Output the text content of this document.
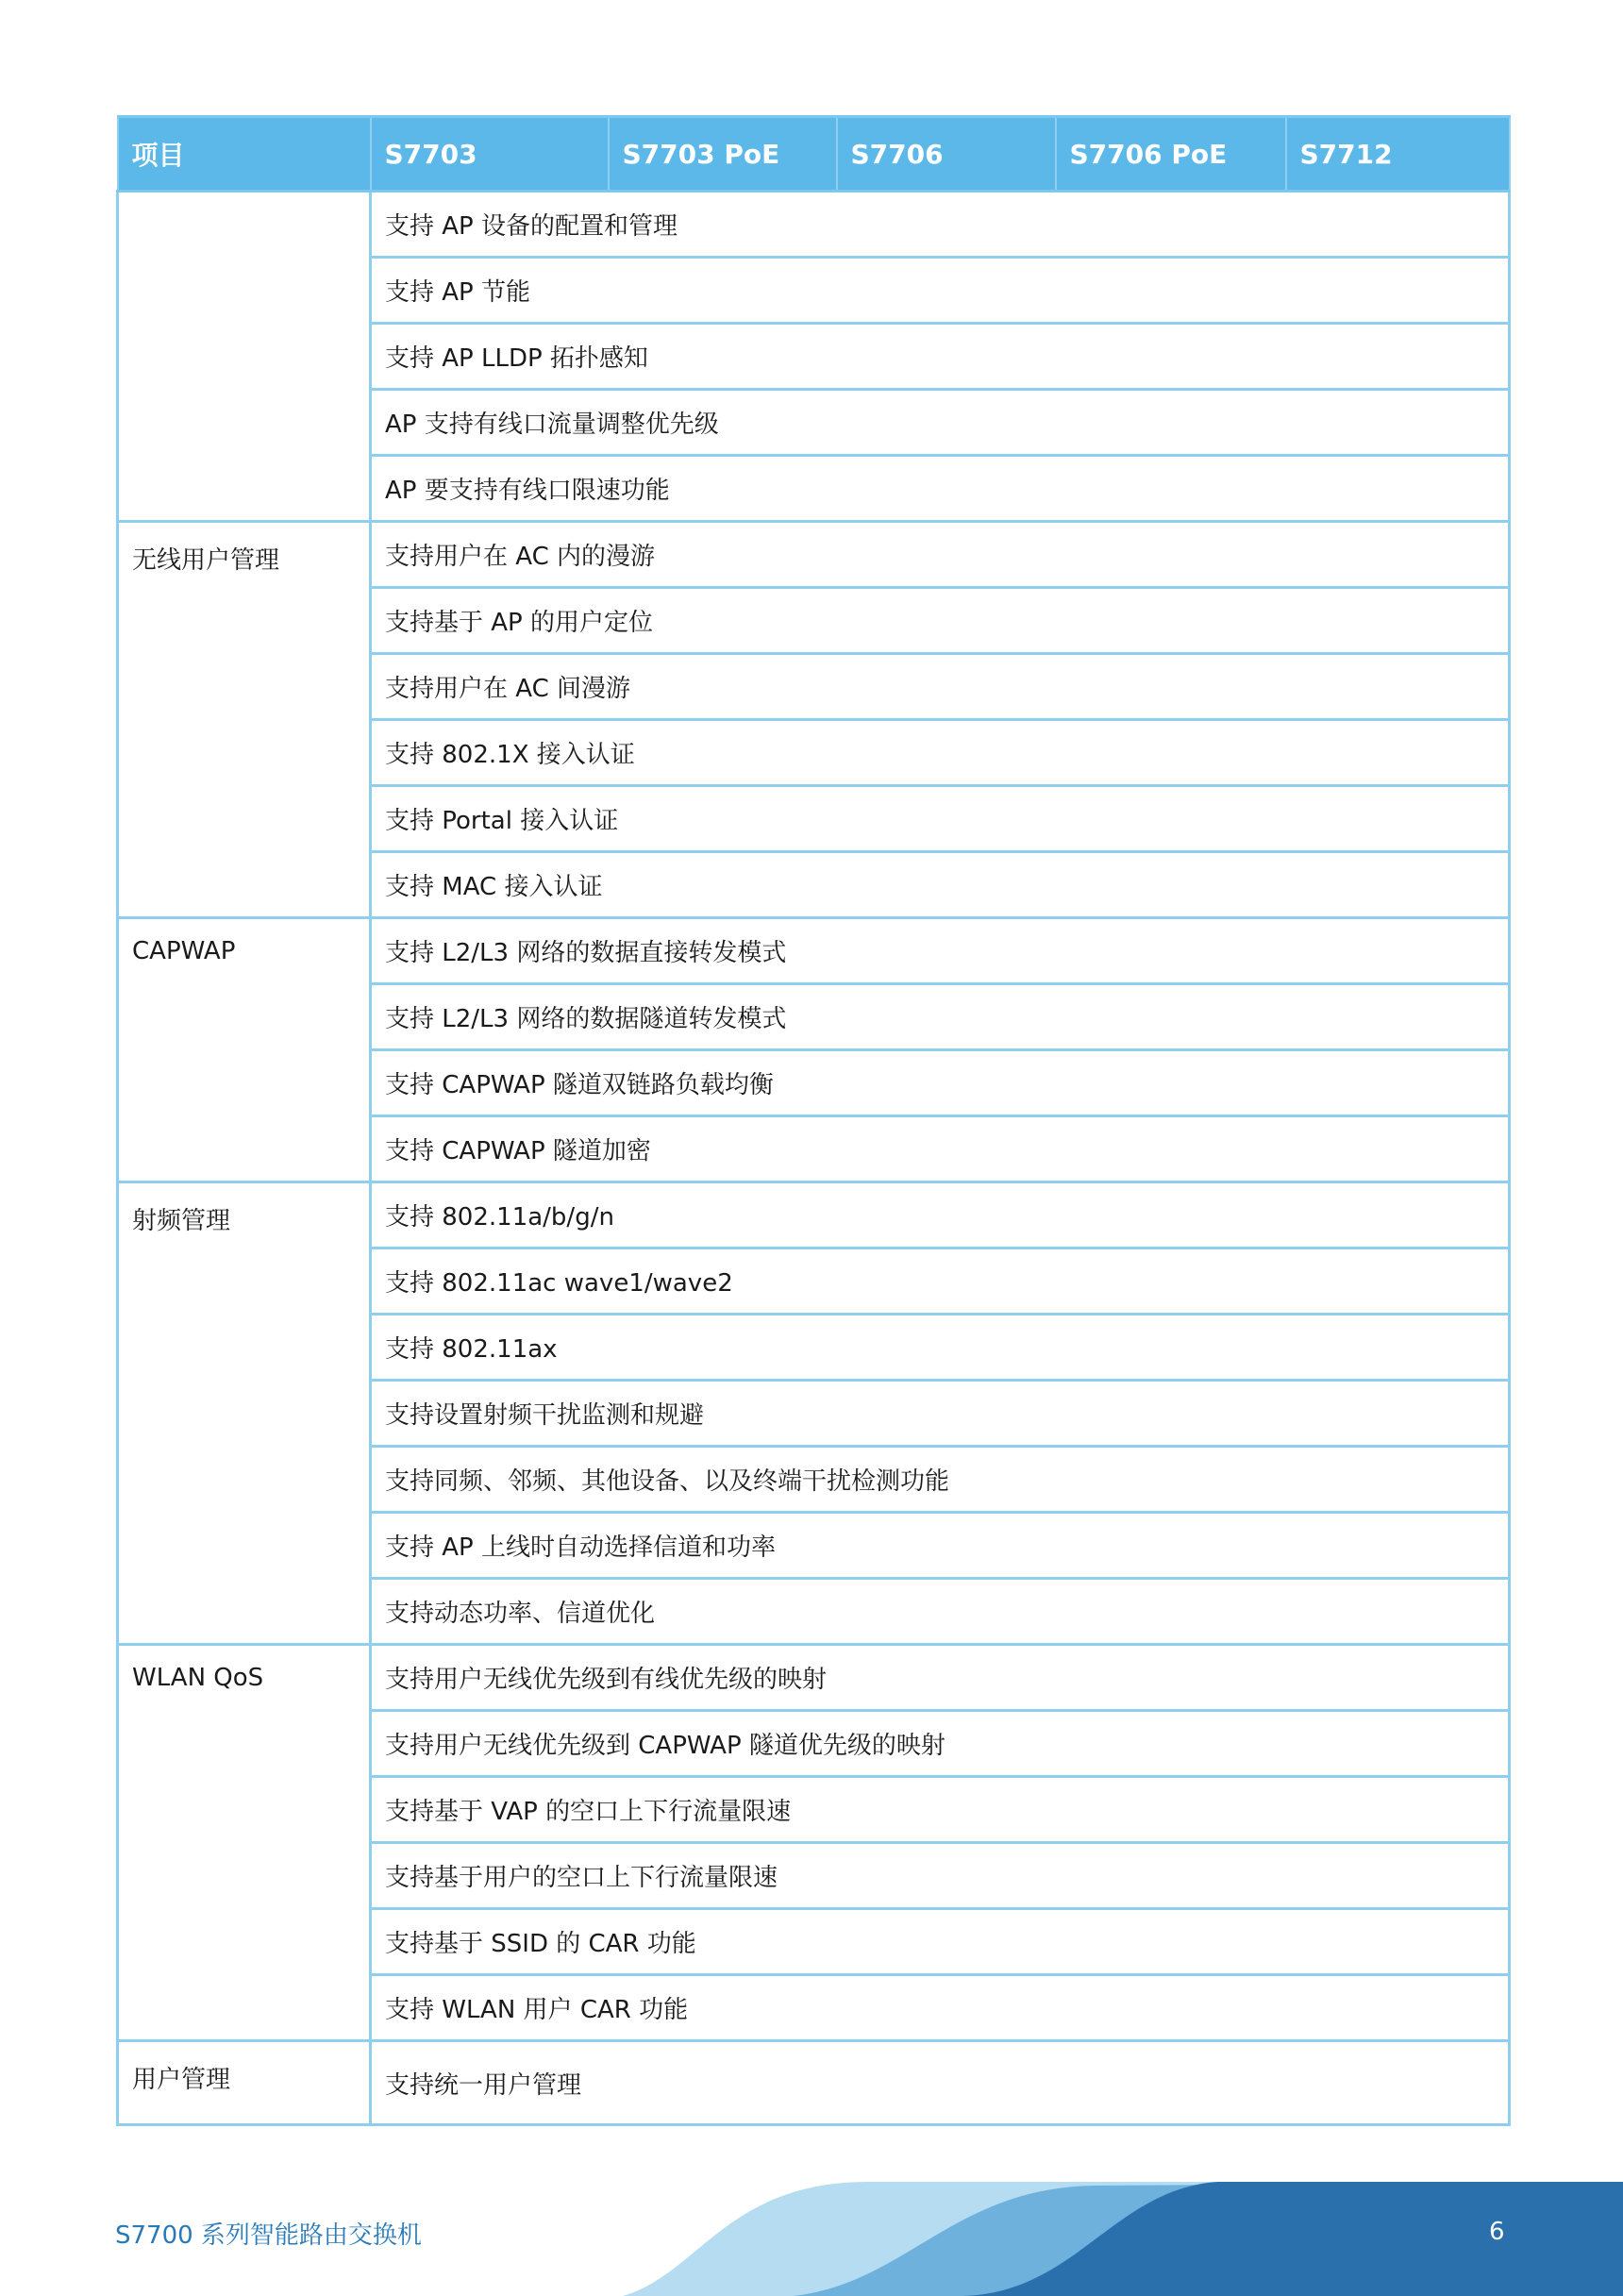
项目	S7703	S7703 PoE	S7706	S7706 PoE	S7712
	支持 AP 设备的配置和管理				
	支持 AP 节能				
	支持 AP LLDP 拓扑感知				
	AP 支持有线口流量调整优先级				
	AP 要支持有线口限速功能				
无线用户管理	支持用户在 AC 内的漫游				
	支持基于 AP 的用户定位				
	支持用户在 AC 间漫游				
	支持 802.1X 接入认证				
	支持 Portal 接入认证				
	支持 MAC 接入认证				
CAPWAP	支持 L2/L3 网络的数据直接转发模式				
	支持 L2/L3 网络的数据隧道转发模式				
	支持 CAPWAP 隧道双链路负载均衡				
	支持 CAPWAP 隧道加密				
射频管理	支持 802.11a/b/g/n				
	支持 802.11ac wave1/wave2				
	支持 802.11ax				
	支持设置射频干扰监测和规避				
	支持同频、邻频、其他设备、以及终端干扰检测功能				
	支持 AP 上线时自动选择信道和功率				
	支持动态功率、信道优化				
WLAN QoS	支持用户无线优先级到有线优先级的映射				
	支持用户无线优先级到 CAPWAP 隧道优先级的映射				
	支持基于 VAP 的空口上下行流量限速				
	支持基于用户的空口上下行流量限速				
	支持基于 SSID 的 CAR 功能				
	支持 WLAN 用户 CAR 功能				
用户管理	支持统一用户管理				
S7700 系列智能路由交换机	6
